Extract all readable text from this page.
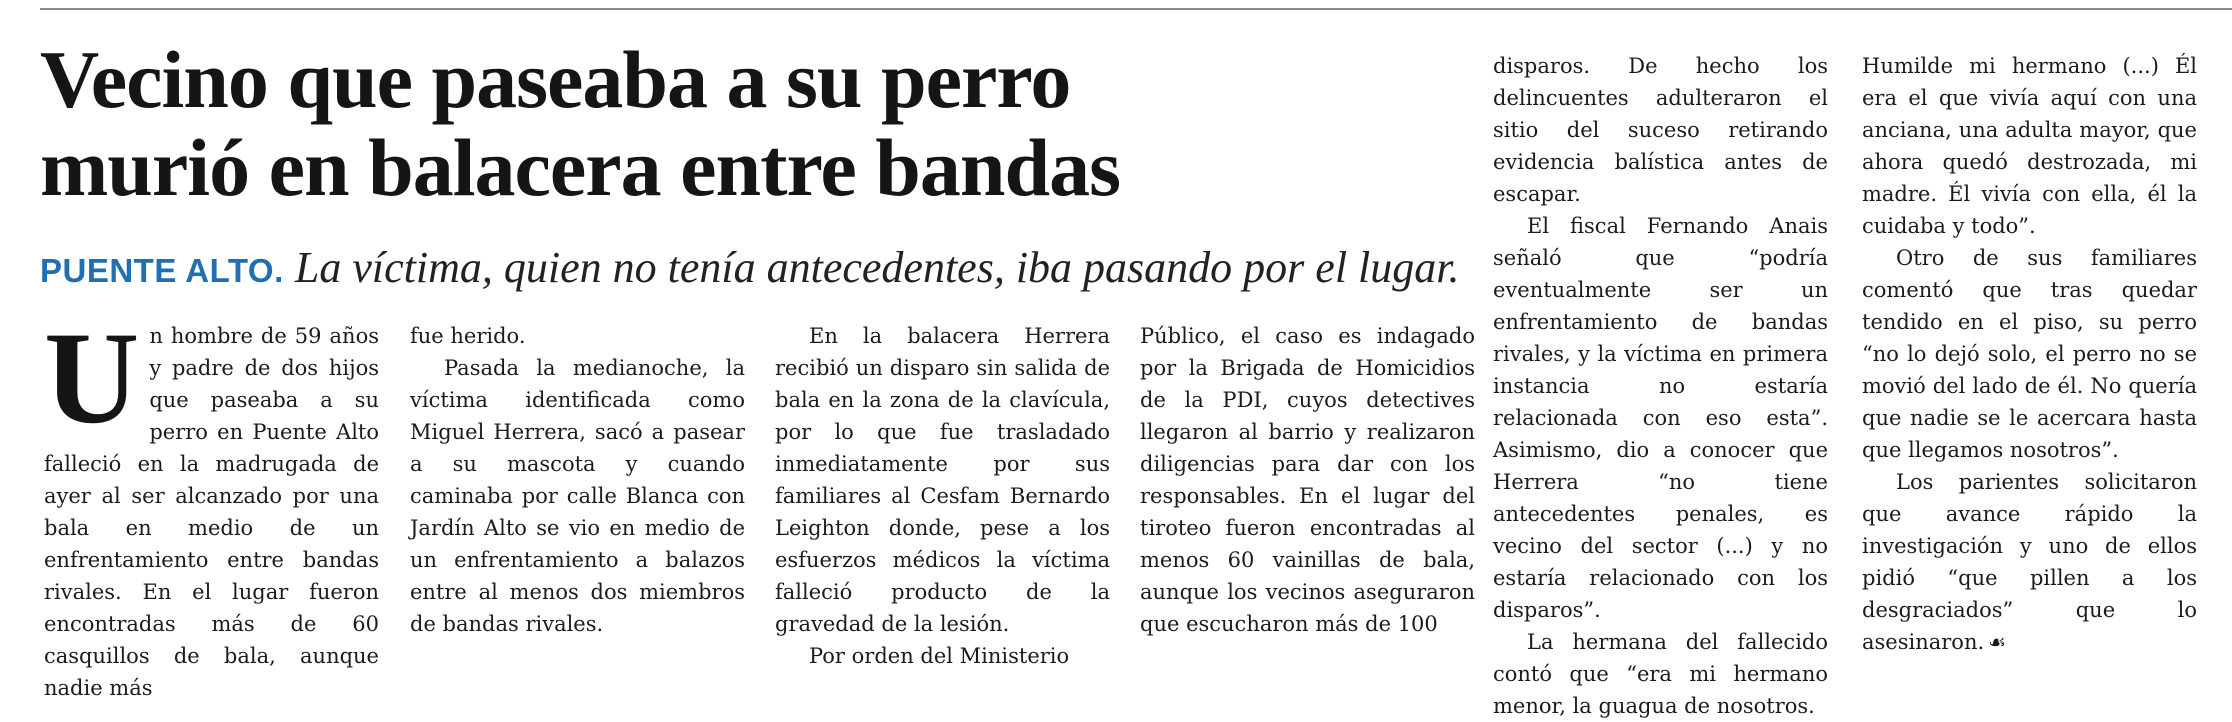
Vecino que paseaba a su perro
murió en balacera entre bandas
PUENTE ALTO. La víctima, quien no tenía antecedentes, iba pasando por el lugar.
U n hombre de 59 años y padre de dos hijos que paseaba a su perro en Puente Alto falleció en la madrugada de ayer al ser alcanzado por una bala en medio de un enfrentamiento entre bandas rivales. En el lugar fueron encontradas más de 60 casquillos de bala, aunque nadie más

fue herido.

Pasada la medianoche, la víctima identificada como Miguel Herrera, sacó a pasear a su mascota y cuando caminaba por calle Blanca con Jardín Alto se vio en medio de un enfrentamiento a balazos entre al menos dos miembros de bandas rivales.

En la balacera Herrera recibió un disparo sin salida de bala en la zona de la clavícula, por lo que fue trasladado inmediatamente por sus familiares al Cesfam Bernardo Leighton donde, pese a los esfuerzos médicos la víctima falleció producto de la gravedad de la lesión.

Por orden del Ministerio

Público, el caso es indagado por la Brigada de Homicidios de la PDI, cuyos detectives llegaron al barrio y realizaron diligencias para dar con los responsables. En el lugar del tiroteo fueron encontradas al menos 60 vainillas de bala, aunque los vecinos aseguraron que escucharon más de 100

disparos. De hecho los delincuentes adulteraron el sitio del suceso retirando evidencia balística antes de escapar.

El fiscal Fernando Anais señaló que “podría eventualmente ser un enfrentamiento de bandas rivales, y la víctima en primera instancia no estaría relacionada con eso esta”. Asimismo, dio a conocer que Herrera “no tiene antecedentes penales, es vecino del sector (...) y no estaría relacionado con los disparos”.

La hermana del fallecido contó que “era mi hermano menor, la guagua de nosotros.

Humilde mi hermano (...) Él era el que vivía aquí con una anciana, una adulta mayor, que ahora quedó destrozada, mi madre. Él vivía con ella, él la cuidaba y todo”.

Otro de sus familiares comentó que tras quedar tendido en el piso, su perro “no lo dejó solo, el perro no se movió del lado de él. No quería que nadie se le acercara hasta que llegamos nosotros”.

Los parientes solicitaron que avance rápido la investigación y uno de ellos pidió “que pillen a los desgraciados” que lo asesinaron. ☙
